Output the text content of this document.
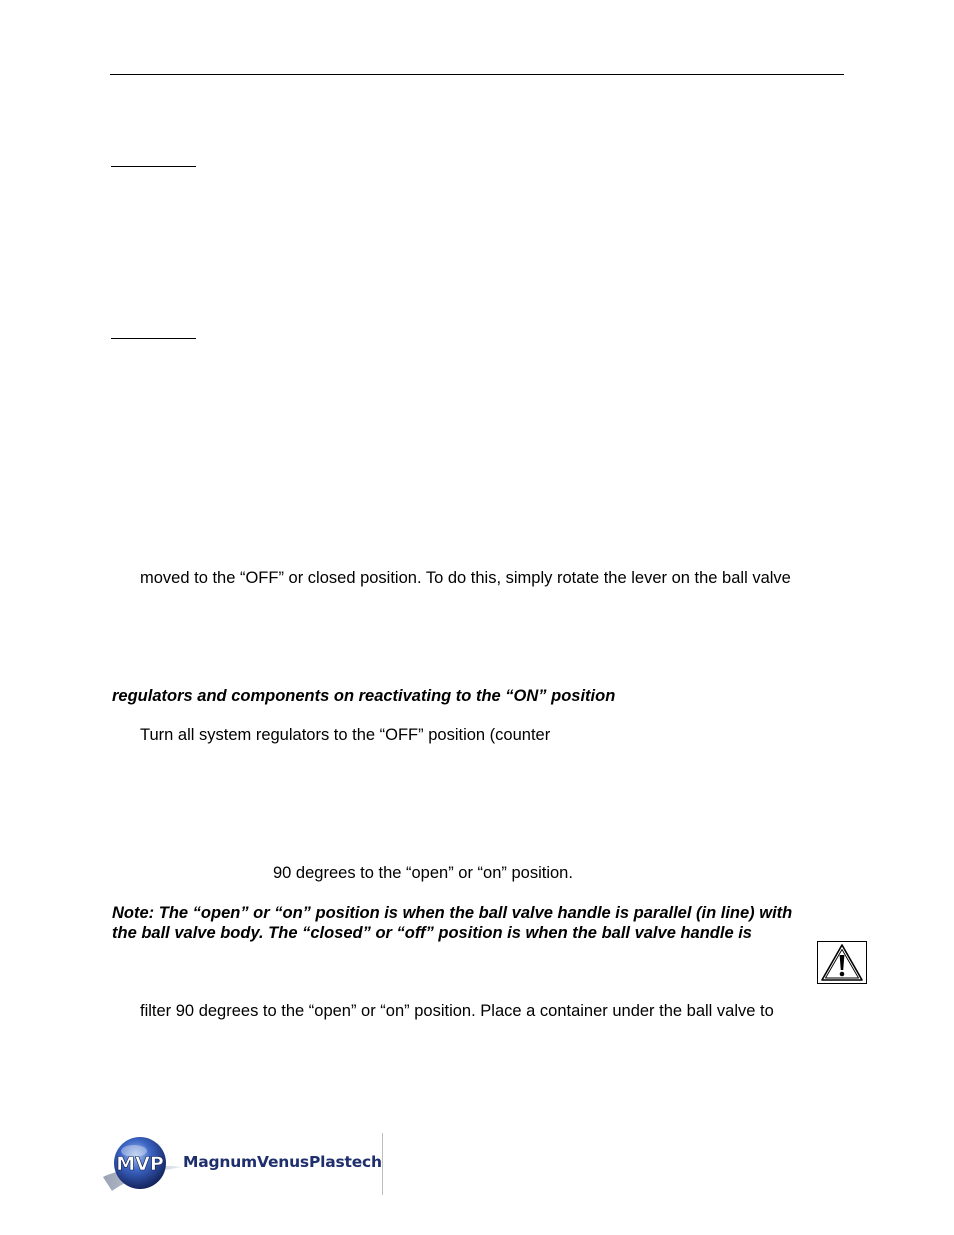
moved to the “OFF” or closed position. To do this, simply rotate the lever on the ball valve
regulators and components on reactivating to the “ON” position
Turn all system regulators to the “OFF” position (counter
90 degrees to the “open” or “on” position.
Note: The “open” or “on” position is when the ball valve handle is parallel (in line) with
the ball valve body. The “closed” or “off” position is when the ball valve handle is
filter 90 degrees to the “open” or “on” position. Place a container under the ball valve to
MVP MagnumVenusPlastech
